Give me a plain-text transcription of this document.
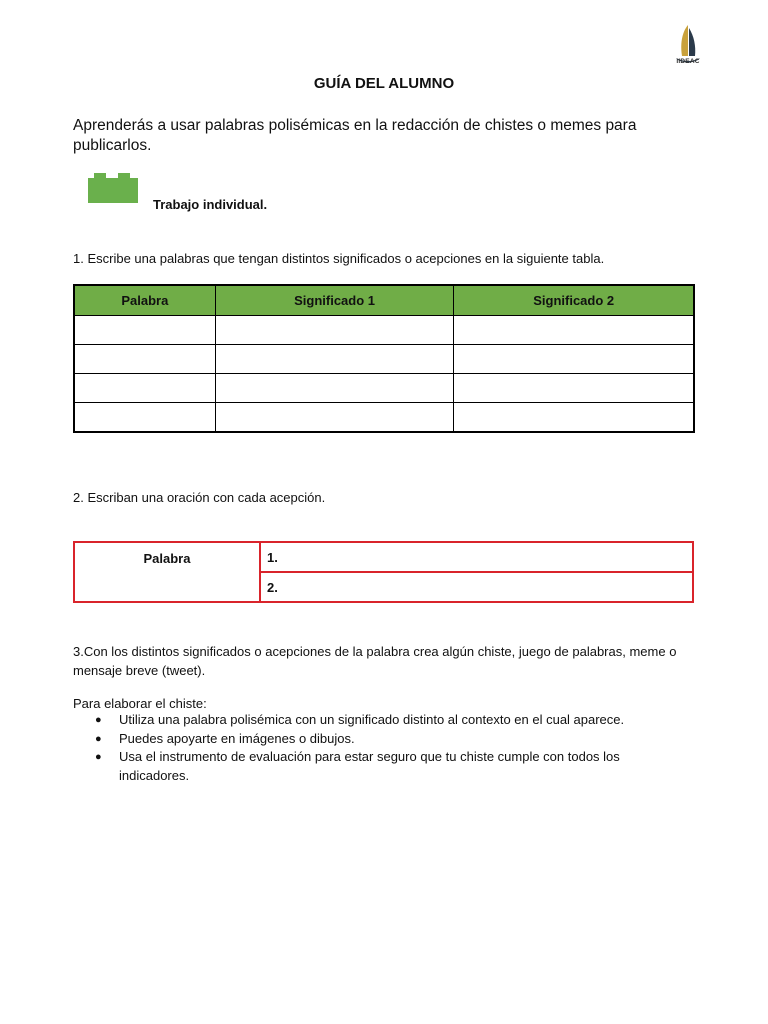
IIDEAC
GUÍA DEL ALUMNO
Aprenderás a usar palabras polisémicas en la redacción de chistes o memes para publicarlos.
Trabajo individual.
1. Escribe una palabras que tengan distintos significados o acepciones en la siguiente tabla.
Palabra	Significado 1	Significado 2

2. Escriban una oración con cada acepción.
Palabra	1.
2.
3.Con los distintos significados o acepciones de la palabra crea algún chiste, juego de palabras, meme o mensaje breve (tweet).
Para elaborar el chiste:
● Utiliza una palabra polisémica con un significado distinto al contexto en el cual aparece.
● Puedes apoyarte en imágenes o dibujos.
● Usa el instrumento de evaluación para estar seguro que tu chiste cumple con todos los indicadores.
